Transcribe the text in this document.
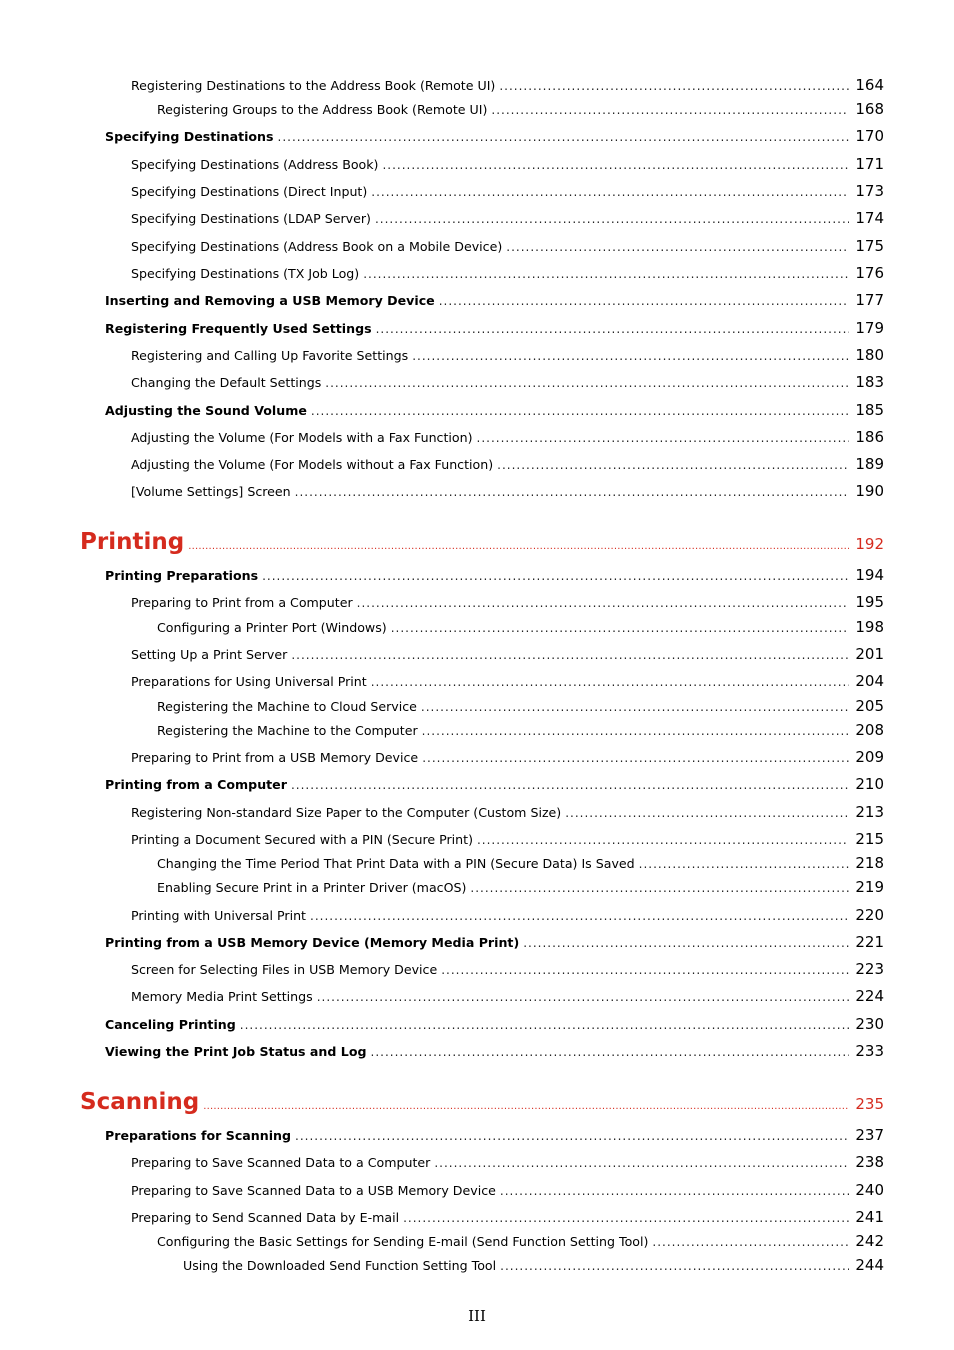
Registering Destinations to the Address Book (Remote UI) .....	164
Registering Groups to the Address Book (Remote UI) .....	168
Specifying Destinations .....	170
Specifying Destinations (Address Book) .....	171
Specifying Destinations (Direct Input) .....	173
Specifying Destinations (LDAP Server) .....	174
Specifying Destinations (Address Book on a Mobile Device) .....	175
Specifying Destinations (TX Job Log) .....	176
Inserting and Removing a USB Memory Device .....	177
Registering Frequently Used Settings .....	179
Registering and Calling Up Favorite Settings .....	180
Changing the Default Settings .....	183
Adjusting the Sound Volume .....	185
Adjusting the Volume (For Models with a Fax Function) .....	186
Adjusting the Volume (For Models without a Fax Function) .....	189
[Volume Settings] Screen .....	190
Printing .....	192
Printing Preparations .....	194
Preparing to Print from a Computer .....	195
Configuring a Printer Port (Windows) .....	198
Setting Up a Print Server .....	201
Preparations for Using Universal Print .....	204
Registering the Machine to Cloud Service .....	205
Registering the Machine to the Computer .....	208
Preparing to Print from a USB Memory Device .....	209
Printing from a Computer .....	210
Registering Non-standard Size Paper to the Computer (Custom Size) .....	213
Printing a Document Secured with a PIN (Secure Print) .....	215
Changing the Time Period That Print Data with a PIN (Secure Data) Is Saved .....	218
Enabling Secure Print in a Printer Driver (macOS) .....	219
Printing with Universal Print .....	220
Printing from a USB Memory Device (Memory Media Print) .....	221
Screen for Selecting Files in USB Memory Device .....	223
Memory Media Print Settings .....	224
Canceling Printing .....	230
Viewing the Print Job Status and Log .....	233
Scanning .....	235
Preparations for Scanning .....	237
Preparing to Save Scanned Data to a Computer .....	238
Preparing to Save Scanned Data to a USB Memory Device .....	240
Preparing to Send Scanned Data by E-mail .....	241
Configuring the Basic Settings for Sending E-mail (Send Function Setting Tool) .....	242
Using the Downloaded Send Function Setting Tool .....	244
III
